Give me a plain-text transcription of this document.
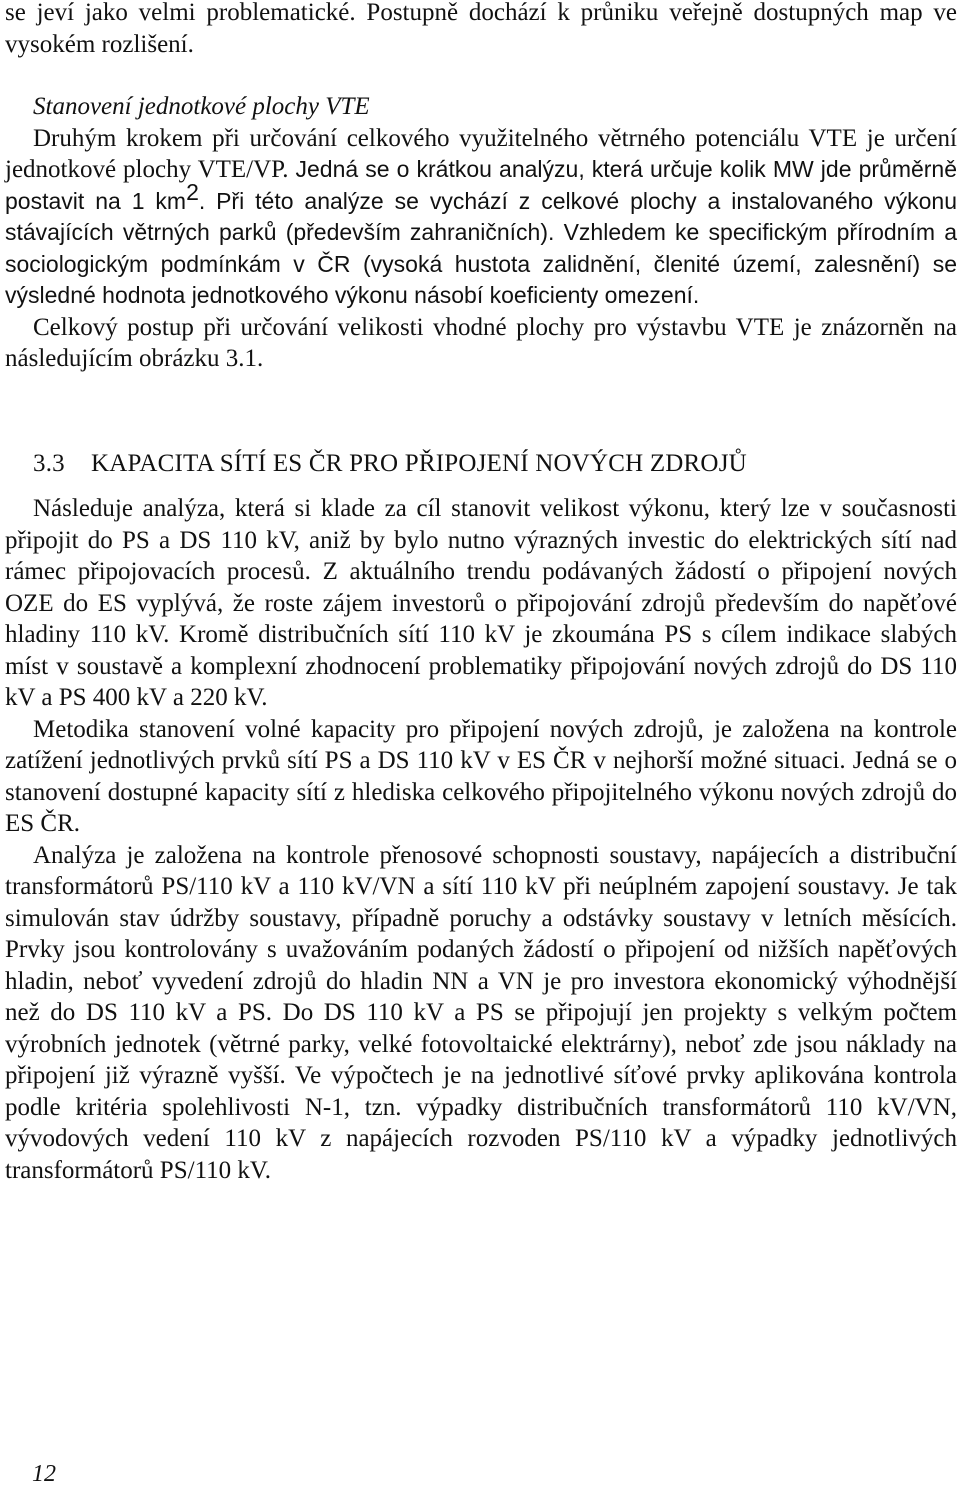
se jeví jako velmi problematické. Postupně dochází k průniku veřejně dostupných map ve vysokém rozlišení.

Stanovení jednotkové plochy VTE
Druhým krokem při určování celkového využitelného větrného potenciálu VTE je určení jednotkové plochy VTE/VP. Jedná se o krátkou analýzu, která určuje kolik MW jde průměrně postavit na 1 $km^2$. Při této analýze se vychází z celkové plochy a instalovaného výkonu stávajících větrných parků (především zahraničních). Vzhledem ke specifickým přírodním a sociologickým podmínkám v ČR (vysoká hustota zalidnění, členité území, zalesnění) se výsledné hodnota jednotkového výkonu násobí koeficienty omezení.
Celkový postup při určování velikosti vhodné plochy pro výstavbu VTE je znázorněn na následujícím obrázku 3.1.
3.3 KAPACITA SÍTÍ ES ČR PRO PŘIPOJENÍ NOVÝCH ZDROJŮ
Následuje analýza, která si klade za cíl stanovit velikost výkonu, který lze v současnosti připojit do PS a DS 110 kV, aniž by bylo nutno výrazných investic do elektrických sítí nad rámec připojovacích procesů. Z aktuálního trendu podávaných žádostí o připojení nových OZE do ES vyplývá, že roste zájem investorů o připojování zdrojů především do napěťové hladiny 110 kV. Kromě distribučních sítí 110 kV je zkoumána PS s cílem indikace slabých míst v soustavě a komplexní zhodnocení problematiky připojování nových zdrojů do DS 110 kV a PS 400 kV a 220 kV.
Metodika stanovení volné kapacity pro připojení nových zdrojů, je založena na kontrole zatížení jednotlivých prvků sítí PS a DS 110 kV v ES ČR v nejhorší možné situaci. Jedná se o stanovení dostupné kapacity sítí z hlediska celkového připojitelného výkonu nových zdrojů do ES ČR.
Analýza je založena na kontrole přenosové schopnosti soustavy, napájecích a distribuční transformátorů PS/110 kV a 110 kV/VN a sítí 110 kV při neúplném zapojení soustavy. Je tak simulován stav údržby soustavy, případně poruchy a odstávky soustavy v letních měsících. Prvky jsou kontrolovány s uvažováním podaných žádostí o připojení od nižších napěťových hladin, neboť vyvedení zdrojů do hladin NN a VN je pro investora ekonomický výhodnější než do DS 110 kV a PS. Do DS 110 kV a PS se připojují jen projekty s velkým počtem výrobních jednotek (větrné parky, velké fotovoltaické elektrárny), neboť zde jsou náklady na připojení již výrazně vyšší. Ve výpočtech je na jednotlivé síťové prvky aplikována kontrola podle kritéria spolehlivosti N-1, tzn. výpadky distribučních transformátorů 110 kV/VN, vývodových vedení 110 kV z napájecích rozvoden PS/110 kV a výpadky jednotlivých transformátorů PS/110 kV.
12
